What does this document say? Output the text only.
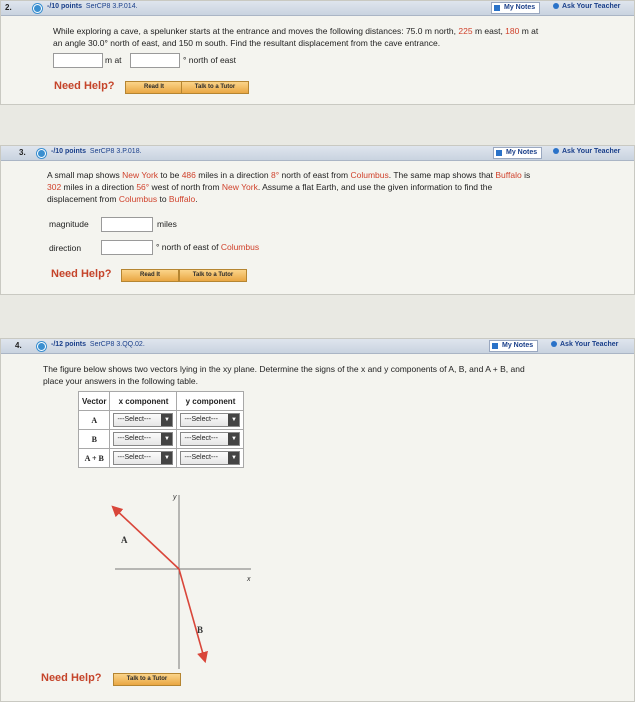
2.	-/10 points SerCP8 3.P.014.	My Notes	Ask Your Teacher
While exploring a cave, a spelunker starts at the entrance and moves the following distances: 75.0 m north, 225 m east, 180 m at
an angle 30.0° north of east, and 150 m south. Find the resultant displacement from the cave entrance.
m at	° north of east
Need Help?	Read It	Talk to a Tutor
3.	-/10 points SerCP8 3.P.018.	My Notes	Ask Your Teacher
A small map shows New York to be 486 miles in a direction 8° north of east from Columbus. The same map shows that Buffalo is
302 miles in a direction 56° west of north from New York. Assume a flat Earth, and use the given information to find the
displacement from Columbus to Buffalo.
magnitude	miles
direction	° north of east of Columbus
Need Help?	Read It	Talk to a Tutor
4.	-/12 points SerCP8 3.QQ.02.	My Notes	Ask Your Teacher
The figure below shows two vectors lying in the xy plane. Determine the signs of the x and y components of A, B, and A + B, and
place your answers in the following table.
Vector	x component	y component
A	---Select--- ▼	---Select--- ▼

B	---Select--- ▼	---Select--- ▼

A + B	---Select--- ▼	---Select--- ▼
y
x
A
B
Need Help?	Talk to a Tutor
